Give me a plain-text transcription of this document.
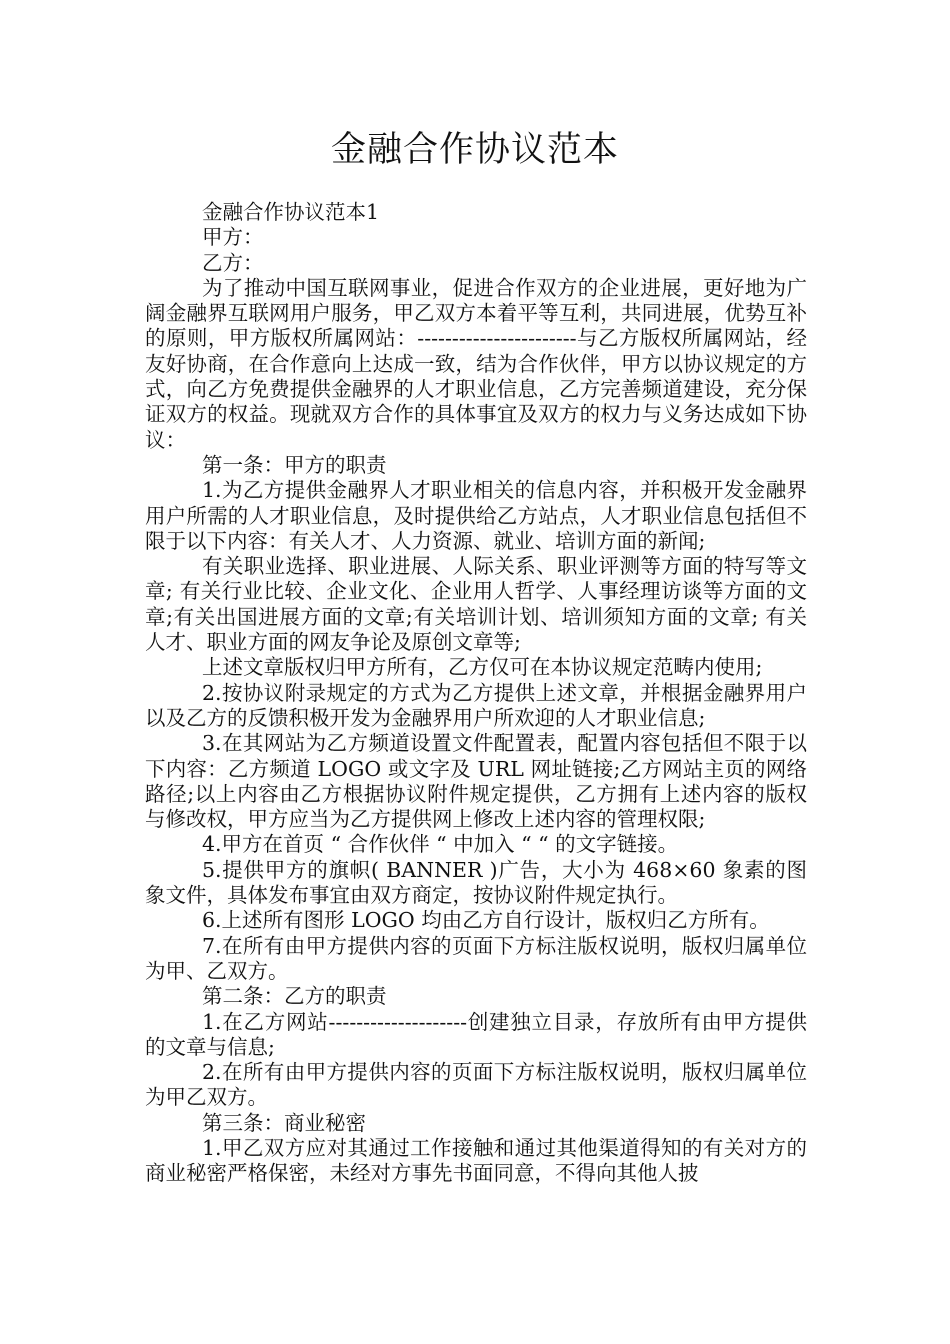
金融合作协议范本

金融合作协议范本1

甲方：

乙方：

为了推动中国互联网事业，促进合作双方的企业进展，更好地为广阔金融界互联网用户服务，甲乙双方本着平等互利，共同进展，优势互补的原则，甲方版权所属网站：-----------------------与乙方版权所属网站，经友好协商，在合作意向上达成一致，结为合作伙伴，甲方以协议规定的方式，向乙方免费提供金融界的人才职业信息，乙方完善频道建设，充分保证双方的权益。现就双方合作的具体事宜及双方的权力与义务达成如下协议：

第一条：甲方的职责

1.为乙方提供金融界人才职业相关的信息内容，并积极开发金融界用户所需的人才职业信息，及时提供给乙方站点，人才职业信息包括但不限于以下内容：有关人才、人力资源、就业、培训方面的新闻;

有关职业选择、职业进展、人际关系、职业评测等方面的特写等文章; 有关行业比较、企业文化、企业用人哲学、人事经理访谈等方面的文章;有关出国进展方面的文章;有关培训计划、培训须知方面的文章; 有关人才、职业方面的网友争论及原创文章等;

上述文章版权归甲方所有，乙方仅可在本协议规定范畴内使用;

2.按协议附录规定的方式为乙方提供上述文章，并根据金融界用户以及乙方的反馈积极开发为金融界用户所欢迎的人才职业信息;

3.在其网站为乙方频道设置文件配置表，配置内容包括但不限于以下内容：乙方频道 LOGO 或文字及 URL 网址链接;乙方网站主页的网络路径;以上内容由乙方根据协议附件规定提供，乙方拥有上述内容的版权与修改权，甲方应当为乙方提供网上修改上述内容的管理权限;

4.甲方在首页 “ 合作伙伴 “ 中加入 “ “ 的文字链接。

5.提供甲方的旗帜( BANNER )广告，大小为 468×60 象素的图象文件，具体发布事宜由双方商定，按协议附件规定执行。

6.上述所有图形 LOGO 均由乙方自行设计，版权归乙方所有。

7.在所有由甲方提供内容的页面下方标注版权说明，版权归属单位为甲、乙双方。

第二条：乙方的职责

1.在乙方网站--------------------创建独立目录，存放所有由甲方提供的文章与信息;

2.在所有由甲方提供内容的页面下方标注版权说明，版权归属单位为甲乙双方。

第三条：商业秘密

1.甲乙双方应对其通过工作接触和通过其他渠道得知的有关对方的商业秘密严格保密，未经对方事先书面同意，不得向其他人披
